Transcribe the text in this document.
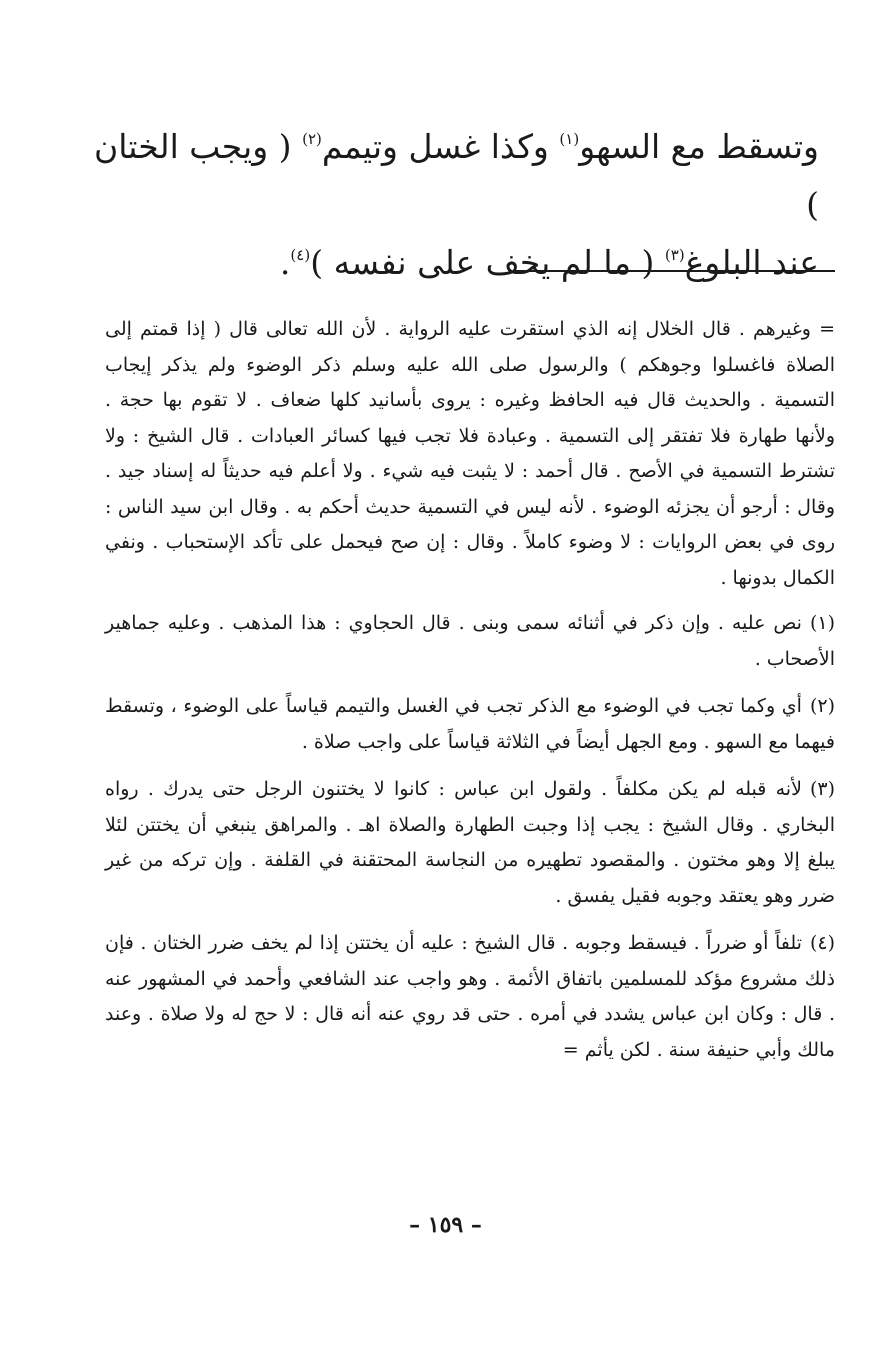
وتسقط مع السهو$^{(١)}$ وكذا غسل وتيمم$^{(٢)}$ ( ويجب الختان )

عند البلوغ$^{(٣)}$ ( ما لم يخف على نفسه )$^{(٤)}$.

= وغيرهم . قال الخلال إنه الذي استقرت عليه الرواية . لأن الله تعالى قال ( إذا قمتم إلى الصلاة فاغسلوا وجوهكم ) والرسول صلى الله عليه وسلم ذكر الوضوء ولم يذكر إيجاب التسمية . والحديث قال فيه الحافظ وغيره : يروى بأسانيد كلها ضعاف . لا تقوم بها حجة . ولأنها طهارة فلا تفتقر إلى التسمية . وعبادة فلا تجب فيها كسائر العبادات . قال الشيخ : ولا تشترط التسمية في الأصح . قال أحمد : لا يثبت فيه شيء . ولا أعلم فيه حديثاً له إسناد جيد . وقال : أرجو أن يجزئه الوضوء . لأنه ليس في التسمية حديث أحكم به . وقال ابن سيد الناس : روى في بعض الروايات : لا وضوء كاملاً . وقال : إن صح فيحمل على تأكد الإستحباب . ونفي الكمال بدونها .

(١)نص عليه . وإن ذكر في أثنائه سمى وبنى . قال الحجاوي : هذا المذهب . وعليه جماهير الأصحاب .

(٢)أي وكما تجب في الوضوء مع الذكر تجب في الغسل والتيمم قياساً على الوضوء ، وتسقط فيهما مع السهو . ومع الجهل أيضاً في الثلاثة قياساً على واجب صلاة .

(٣)لأنه قبله لم يكن مكلفاً . ولقول ابن عباس : كانوا لا يختنون الرجل حتى يدرك . رواه البخاري . وقال الشيخ : يجب إذا وجبت الطهارة والصلاة اهـ . والمراهق ينبغي أن يختتن لئلا يبلغ إلا وهو مختون . والمقصود تطهيره من النجاسة المحتقنة في القلفة . وإن تركه من غير ضرر وهو يعتقد وجوبه فقيل يفسق .

(٤)تلفاً أو ضرراً . فيسقط وجوبه . قال الشيخ : عليه أن يختتن إذا لم يخف ضرر الختان . فإن ذلك مشروع مؤكد للمسلمين باتفاق الأئمة . وهو واجب عند الشافعي وأحمد في المشهور عنه . قال : وكان ابن عباس يشدد في أمره . حتى قد روي عنه أنه قال : لا حج له ولا صلاة . وعند مالك وأبي حنيفة سنة . لكن يأثم =

– ١٥٩ –
